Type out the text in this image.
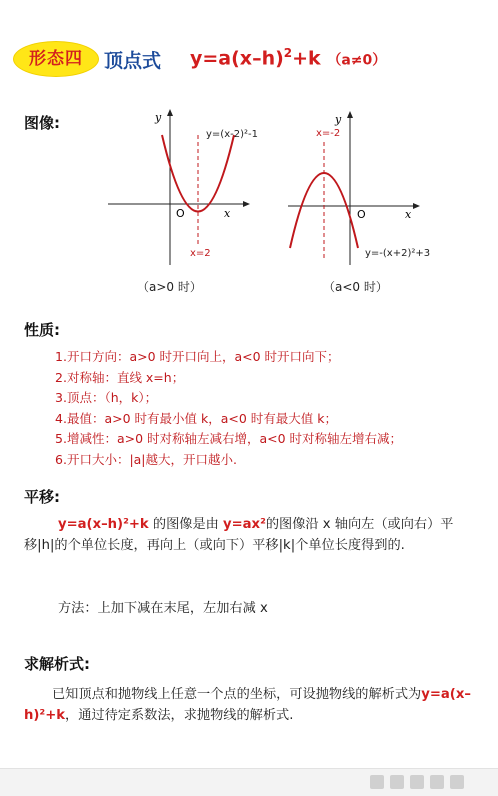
形态四	顶点式 $y=a(x-h)^2+k$ （a≠0）
图像:	y
x
O
y=(x-2)²-1
x=2
（a>0 时）
y
x
O
x=-2
y=-(x+2)²+3
（a<0 时）
性质:
1.开口方向：a>0 时开口向上，a<0 时开口向下；
2.对称轴：直线 x=h；
3.顶点：（h，k）；
4.最值：a>0 时有最小值 k，a<0 时有最大值 k；
5.增减性：a>0 时对称轴左减右增，a<0 时对称轴左增右减；
6.开口大小：|a|越大，开口越小.
平移:
y=a(x–h)²+k 的图像是由 y=ax²的图像沿 x 轴向左（或向右）平移|h|的个单位长度，再向上（或向下）平移|k|个单位长度得到的.
方法：上加下减在末尾，左加右减 x
求解析式:
已知顶点和抛物线上任意一个点的坐标，可设抛物线的解析式为y=a(x–h)²+k，通过待定系数法，求抛物线的解析式.
